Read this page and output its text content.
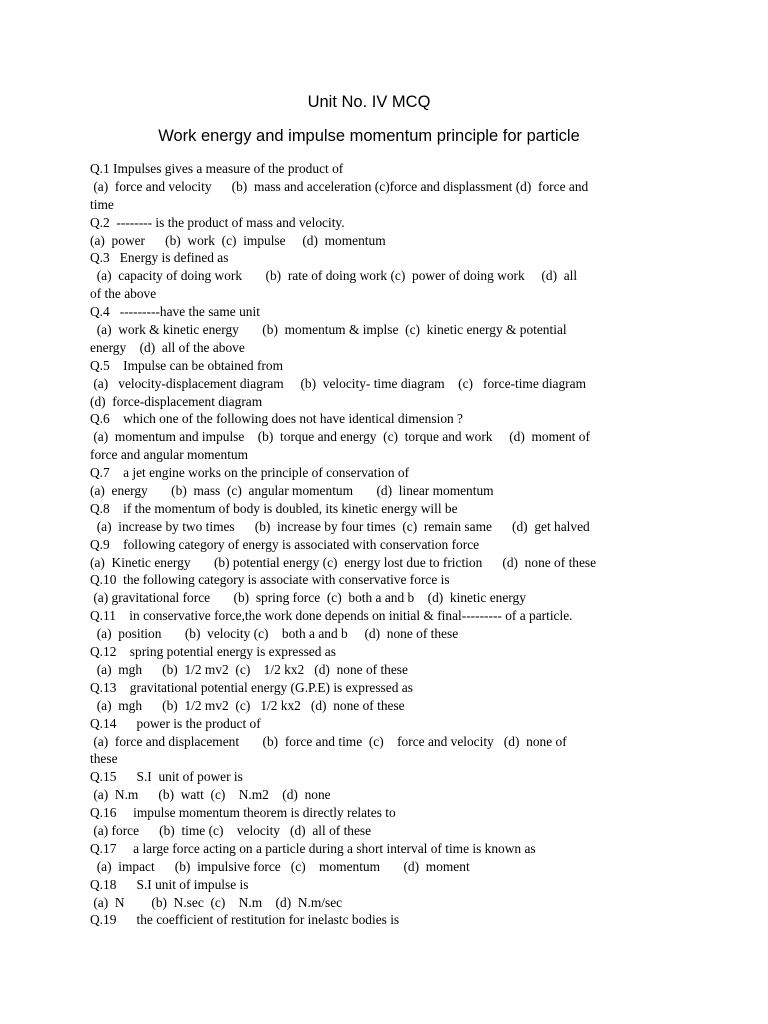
Unit No. IV MCQ
Work energy and impulse momentum principle for particle
Q.1 Impulses gives a measure of the product of
(a)  force and velocity      (b)  mass and acceleration (c)force and displassment (d)  force and
time
Q.2  -------- is the product of mass and velocity.
(a)  power      (b)  work  (c)  impulse     (d)  momentum
Q.3   Energy is defined as
(a)  capacity of doing work       (b)  rate of doing work (c)  power of doing work     (d)  all
of the above
Q.4   ---------have the same unit
(a)  work & kinetic energy       (b)  momentum & implse  (c)  kinetic energy & potential
energy    (d)  all of the above
Q.5    Impulse can be obtained from
(a)   velocity-displacement diagram     (b)  velocity- time diagram    (c)   force-time diagram
(d)  force-displacement diagram
Q.6    which one of the following does not have identical dimension ?
(a)  momentum and impulse    (b)  torque and energy  (c)  torque and work     (d)  moment of
force and angular momentum
Q.7    a jet engine works on the principle of conservation of
(a)  energy       (b)  mass  (c)  angular momentum       (d)  linear momentum
Q.8    if the momentum of body is doubled, its kinetic energy will be
(a)  increase by two times      (b)  increase by four times  (c)  remain same      (d)  get halved
Q.9    following category of energy is associated with conservation force
(a)  Kinetic energy       (b) potential energy (c)  energy lost due to friction      (d)  none of these
Q.10  the following category is associate with conservative force is
(a) gravitational force       (b)  spring force  (c)  both a and b    (d)  kinetic energy
Q.11    in conservative force,the work done depends on initial & final--------- of a particle.
(a)  position       (b)  velocity (c)    both a and b     (d)  none of these
Q.12    spring potential energy is expressed as
(a)  mgh      (b)  1/2 mv2  (c)    1/2 kx2   (d)  none of these
Q.13    gravitational potential energy (G.P.E) is expressed as
(a)  mgh      (b)  1/2 mv2  (c)   1/2 kx2   (d)  none of these
Q.14      power is the product of
(a)  force and displacement       (b)  force and time  (c)    force and velocity   (d)  none of
these
Q.15      S.I  unit of power is
(a)  N.m      (b)  watt  (c)    N.m2    (d)  none
Q.16     impulse momentum theorem is directly relates to
(a) force      (b)  time (c)    velocity   (d)  all of these
Q.17     a large force acting on a particle during a short interval of time is known as
(a)  impact      (b)  impulsive force   (c)    momentum       (d)  moment
Q.18      S.I unit of impulse is
(a)  N        (b)  N.sec  (c)    N.m    (d)  N.m/sec
Q.19      the coefficient of restitution for inelastc bodies is
